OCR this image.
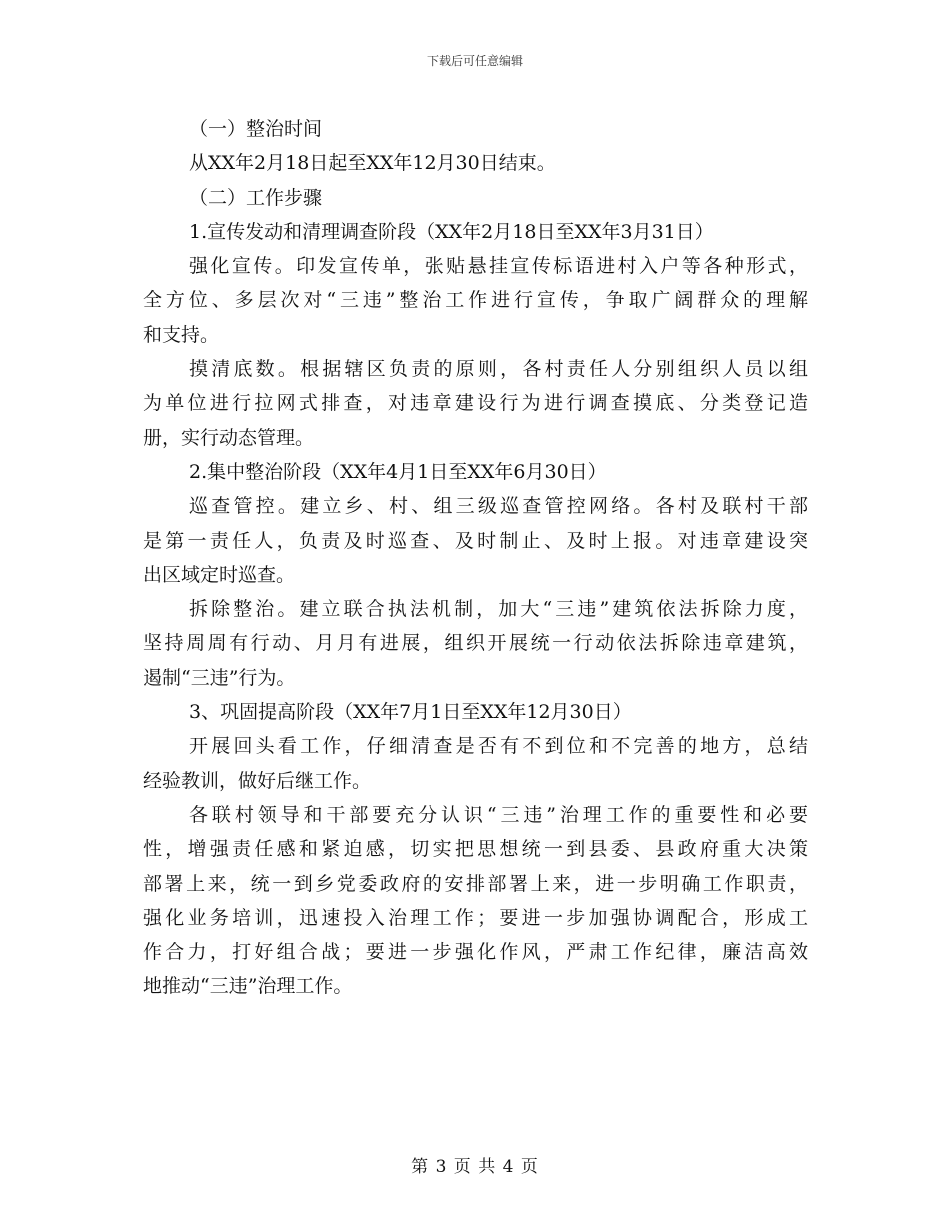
下载后可任意编辑
（一）整治时间
从XX年2月18日起至XX年12月30日结束。
（二）工作步骤
1.宣传发动和清理调查阶段（XX年2月18日至XX年3月31日）
强化宣传。印发宣传单，张贴悬挂宣传标语进村入户等各种形式，
全方位、多层次对“三违”整治工作进行宣传，争取广阔群众的理解
和支持。
摸清底数。根据辖区负责的原则，各村责任人分别组织人员以组
为单位进行拉网式排查，对违章建设行为进行调查摸底、分类登记造
册，实行动态管理。
2.集中整治阶段（XX年4月1日至XX年6月30日）
巡查管控。建立乡、村、组三级巡查管控网络。各村及联村干部
是第一责任人，负责及时巡查、及时制止、及时上报。对违章建设突
出区域定时巡查。
拆除整治。建立联合执法机制，加大“三违”建筑依法拆除力度，
坚持周周有行动、月月有进展，组织开展统一行动依法拆除违章建筑，
遏制“三违”行为。
3、巩固提高阶段（XX年7月1日至XX年12月30日）
开展回头看工作，仔细清查是否有不到位和不完善的地方，总结
经验教训，做好后继工作。
各联村领导和干部要充分认识“三违”治理工作的重要性和必要
性，增强责任感和紧迫感，切实把思想统一到县委、县政府重大决策
部署上来，统一到乡党委政府的安排部署上来，进一步明确工作职责，
强化业务培训，迅速投入治理工作；要进一步加强协调配合，形成工
作合力，打好组合战；要进一步强化作风，严肃工作纪律，廉洁高效
地推动“三违”治理工作。
第 3 页 共 4 页
